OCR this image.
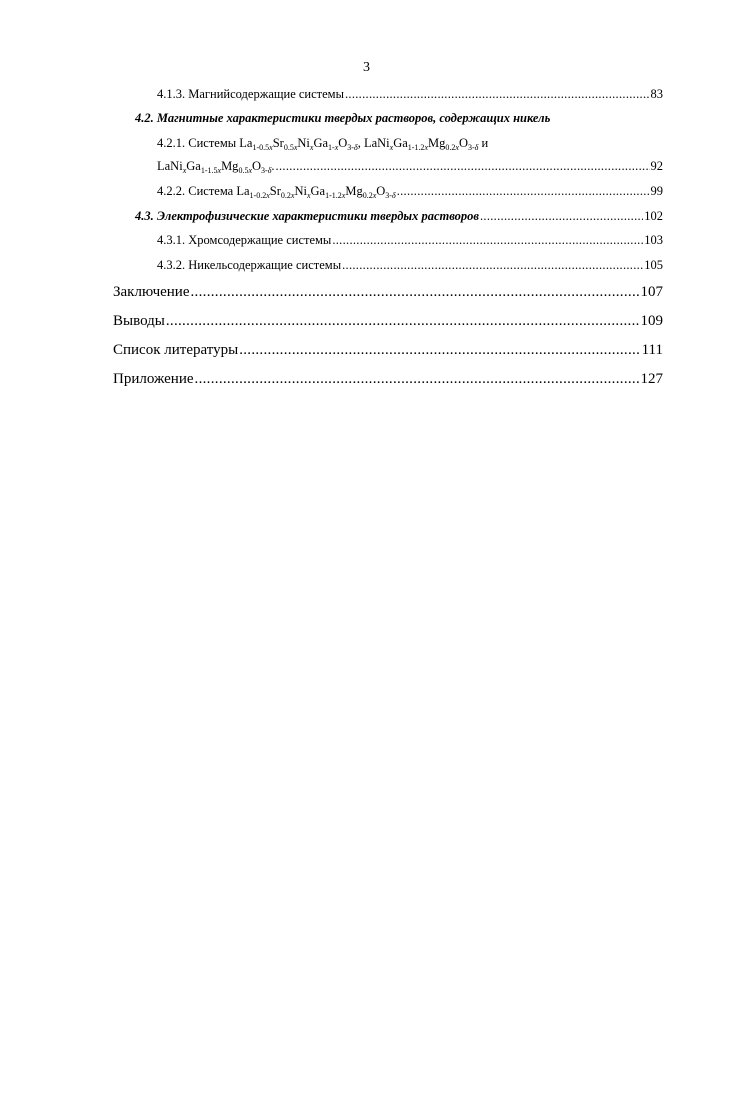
3
4.1.3. Магнийсодержащие системы .....	83
4.2. Магнитные характеристики твердых растворов, содержащих никель
4.2.1. Системы $La_{1-0.5x}Sr_{0.5x}Ni_xGa_{1-x}O_{3-\delta}$, $LaNi_xGa_{1-1.2x}Mg_{0.2x}O_{3-\delta}$ и
$LaNi_xGa_{1-1.5x}Mg_{0.5x}O_{3-\delta}$. .....	92
4.2.2. Система $La_{1-0.2x}Sr_{0.2x}Ni_xGa_{1-1.2x}Mg_{0.2x}O_{3-\delta}$ .....	99
4.3. Электрофизические характеристики твердых растворов .....	102
4.3.1. Хромсодержащие системы .....	103
4.3.2. Никельсодержащие системы .....	105
Заключение .....	107
Выводы .....	109
Список литературы .....	111
Приложение .....	127
